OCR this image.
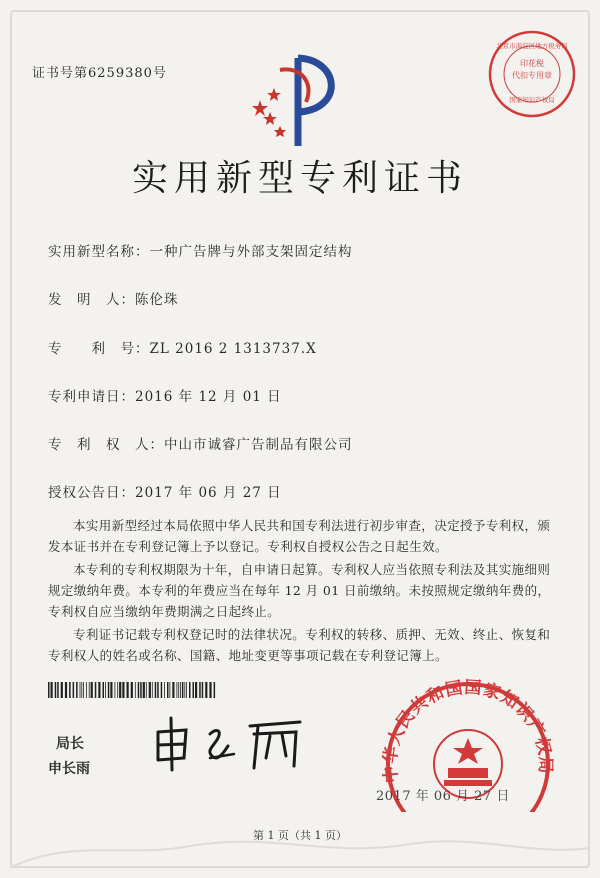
证书号第6259380号
北京市海淀区地方税务局
印花税
代扣专用章
国家知识产权局
实用新型专利证书
实用新型名称：一种广告牌与外部支架固定结构
发　明　人：陈伦珠
专　　利　号：ZL 2016 2 1313737.X
专利申请日：2016 年 12 月 01 日
专　利　权　人：中山市诚睿广告制品有限公司
授权公告日：2017 年 06 月 27 日

本实用新型经过本局依照中华人民共和国专利法进行初步审查，决定授予专利权，颁发本证书并在专利登记簿上予以登记。专利权自授权公告之日起生效。

本专利的专利权期限为十年，自申请日起算。专利权人应当依照专利法及其实施细则规定缴纳年费。本专利的年费应当在每年 12 月 01 日前缴纳。未按照规定缴纳年费的，专利权自应当缴纳年费期满之日起终止。

专利证书记载专利权登记时的法律状况。专利权的转移、质押、无效、终止、恢复和专利权人的姓名或名称、国籍、地址变更等事项记载在专利登记簿上。

局长
申长雨	中华人民共和国国家知识产权局
2017 年 06 月 27 日
第 1 页（共 1 页）
